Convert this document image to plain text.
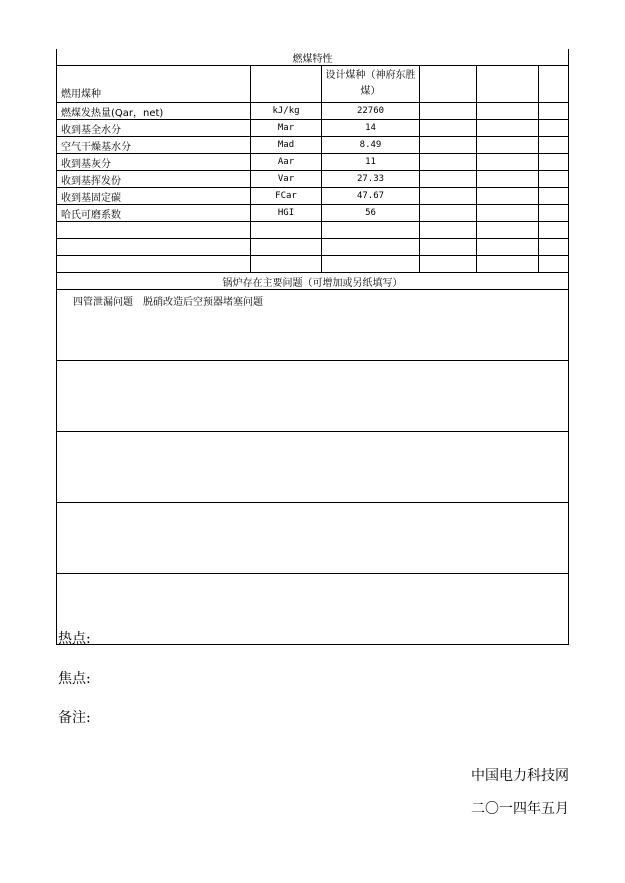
燃煤特性					
燃用煤种		设计煤种（神府东胜煤）			
燃煤发热量(Qar，net)	kJ/kg	22760			
收到基全水分	Mar	14			
空气干燥基水分	Mad	8.49			
收到基灰分	Aar	11			
收到基挥发份	Var	27.33			
收到基固定碳	FCar	47.67			
哈氏可磨系数	HGI	56			

锅炉存在主要问题（可增加或另纸填写）					
四管泄漏问题　脱硝改造后空预器堵塞问题					

热点:
焦点:
备注:
中国电力科技网
二〇一四年五月
